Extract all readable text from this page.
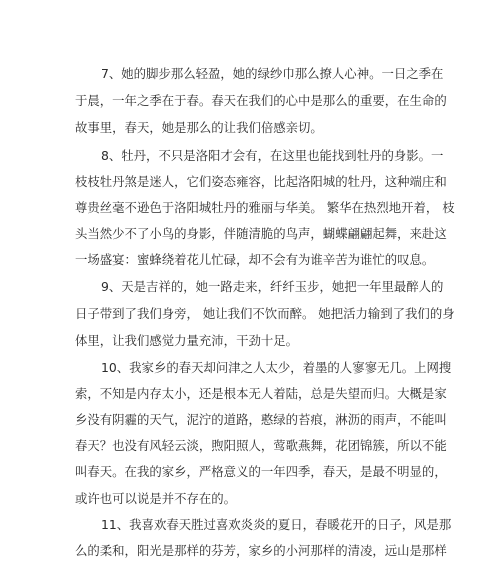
7、她的脚步那么轻盈，她的绿纱巾那么撩人心神。一日之季在
于晨，一年之季在于春。春天在我们的心中是那么的重要，在生命的
故事里，春天，她是那么的让我们倍感亲切。
8、牡丹，不只是洛阳才会有，在这里也能找到牡丹的身影。一
枝枝牡丹煞是迷人，它们姿态雍容，比起洛阳城的牡丹，这种端庄和
尊贵丝毫不逊色于洛阳城牡丹的雅丽与华美。 繁华在热烈地开着， 枝
头当然少不了小鸟的身影，伴随清脆的鸟声，蝴蝶翩翩起舞，来赴这
一场盛宴：蜜蜂绕着花儿忙碌，却不会有为谁辛苦为谁忙的叹息。
9、天是吉祥的，她一路走来，纤纤玉步，她把一年里最醉人的
日子带到了我们身旁， 她让我们不饮而醉。 她把活力输到了我们的身
体里，让我们感觉力量充沛，干劲十足。
10、我家乡的春天却问津之人太少，着墨的人寥寥无几。上网搜
索，不知是内存太小，还是根本无人着陆，总是失望而归。大概是家
乡没有阴霾的天气，泥泞的道路，憨绿的苔痕，淋沥的雨声，不能叫
春天？也没有风轻云淡，煦阳照人，莺歌燕舞，花团锦簇，所以不能
叫春天。在我的家乡，严格意义的一年四季，春天，是最不明显的，
或许也可以说是并不存在的。
11、我喜欢春天胜过喜欢炎炎的夏日，春暖花开的日子，风是那
么的柔和，阳光是那样的芬芳，家乡的小河那样的清凌，远山是那样
